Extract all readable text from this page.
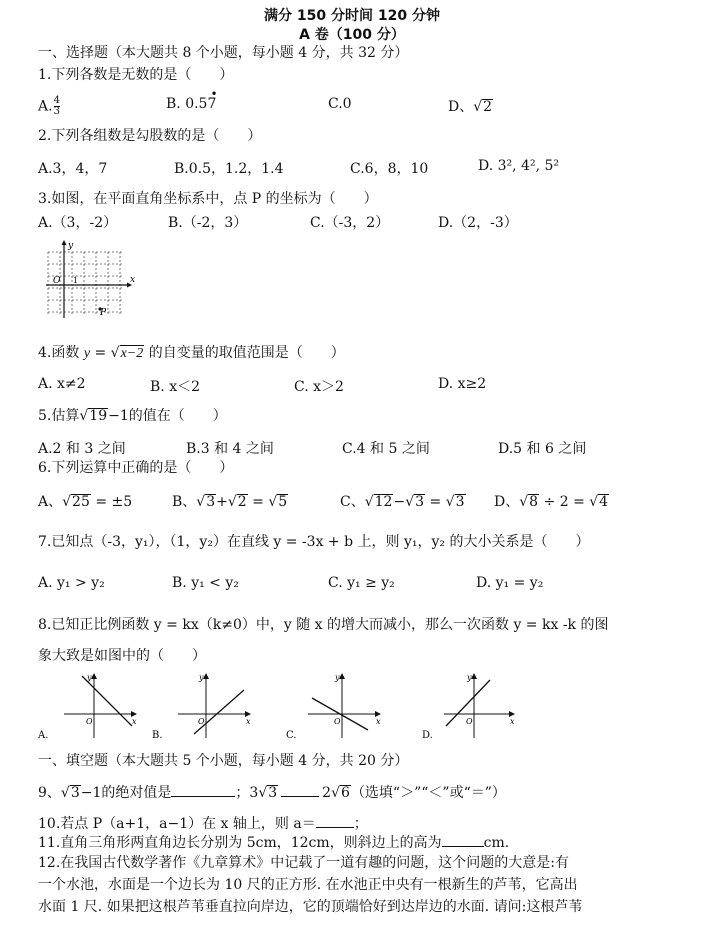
满分 150 分时间 120 分钟
A 卷（100 分）
一、选择题（本大题共 8 个小题，每小题 4 分，共 32 分）
1.下列各数是无数的是（　　）
A. $\frac{4}{3}$	B. 0.57
•
C.0	D、√2
2.下列各组数是勾股数的是（　　）
A.3，4，7	B.0.5，1.2，1.4	C.6，8，10	D. 3², 4², 5²
3.如图，在平面直角坐标系中，点 P 的坐标为（　　）
A.（3，-2）	B.（-2，3）	C.（-3，2）	D.（2，-3）
y
x
O 1
P
4.函数 y = √x−2 的自变量的取值范围是（　　）
A. x≠2	B. x＜2	C. x＞2	D. x≥2
5.估算√19−1的值在（　　）
A.2 和 3 之间	B.3 和 4 之间	C.4 和 5 之间	D.5 和 6 之间
6.下列运算中正确的是（　　）
A、√25 = ±5	B、√3+√2 = √5	C、√12−√3 = √3 D、√8 ÷ 2 = √4
7.已知点（-3，y₁），（1，y₂）在直线 y = -3x + b 上，则 y₁，y₂ 的大小关系是（　　）
A. y₁ > y₂	B. y₁ < y₂	C. y₁ ≥ y₂	D. y₁ = y₂
8.已知正比例函数 y = kx（k≠0）中，y 随 x 的增大而减小，那么一次函数 y = kx -k 的图
象大致是如图中的（　　）
y
x
O
A.
y
x
O
B.
y
x
O
C.
y
x
O
D.
一、填空题（本大题共 5 个小题，每小题 4 分，共 20 分）
9、√3−1的绝对值是	；3√3	2√6（选填“＞”“＜”或“＝”）
10.若点 P（a+1，a−1）在 x 轴上，则 a＝	；
11.直角三角形两直角边长分别为 5cm，12cm，则斜边上的高为	cm.
12.在我国古代数学著作《九章算术》中记载了一道有趣的问题，这个问题的大意是:有
一个水池，水面是一个边长为 10 尺的正方形. 在水池正中央有一根新生的芦苇，它高出
水面 1 尺. 如果把这根芦苇垂直拉向岸边，它的顶端恰好到达岸边的水面. 请问:这根芦苇
